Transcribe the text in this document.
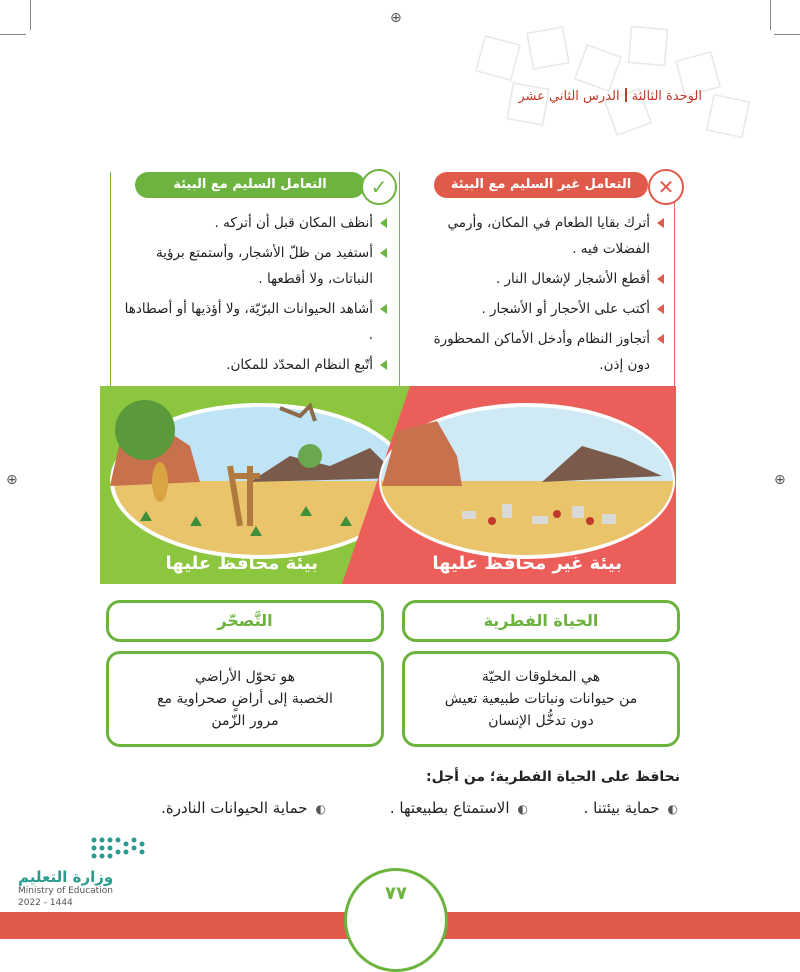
⊕
⊕	⊕
الوحدة الثالثةالدرس الثاني عشر
التعامل غير السليم مع البيئة	✕
أترك بقايا الطعام في المكان، وأرمي الفضلات فيه .
أقطع الأشجار لإشعال النار .
أكتب على الأحجار أو الأشجار .
أتجاوز النظام وأدخل الأماكن المحظورة دون إذن.
التعامل السليم مع البيئة	✓
أنظف المكان قبل أن أتركه .
أستفيد من ظلّ الأشجار، وأستمتع برؤية النباتات، ولا أقطعها .
أشاهد الحيوانات البرّيّة، ولا أؤذيها أو أصطادها .
أتّبع النظام المحدّد للمكان.
بيئة محافَظ عليها	بيئة غير محافَظ عليها
الحياة الفطرية
التَّصحّر
هي المخلوقات الحيّة
من حيوانات ونباتات طبيعية تعيش
دون تدخُّل الإنسان
هو تحوّل الأراضي
الخصبة إلى أراضٍ صحراوية مع
مرور الزّمن
نحافظ على الحياة الفطرية؛ من أجل:
◐ حماية بيئتنا .
◐ الاستمتاع بطبيعتها .
◐ حماية الحيوانات النادرة.
٧٧
وزارة التعليم
Ministry of Education
2022 - 1444
